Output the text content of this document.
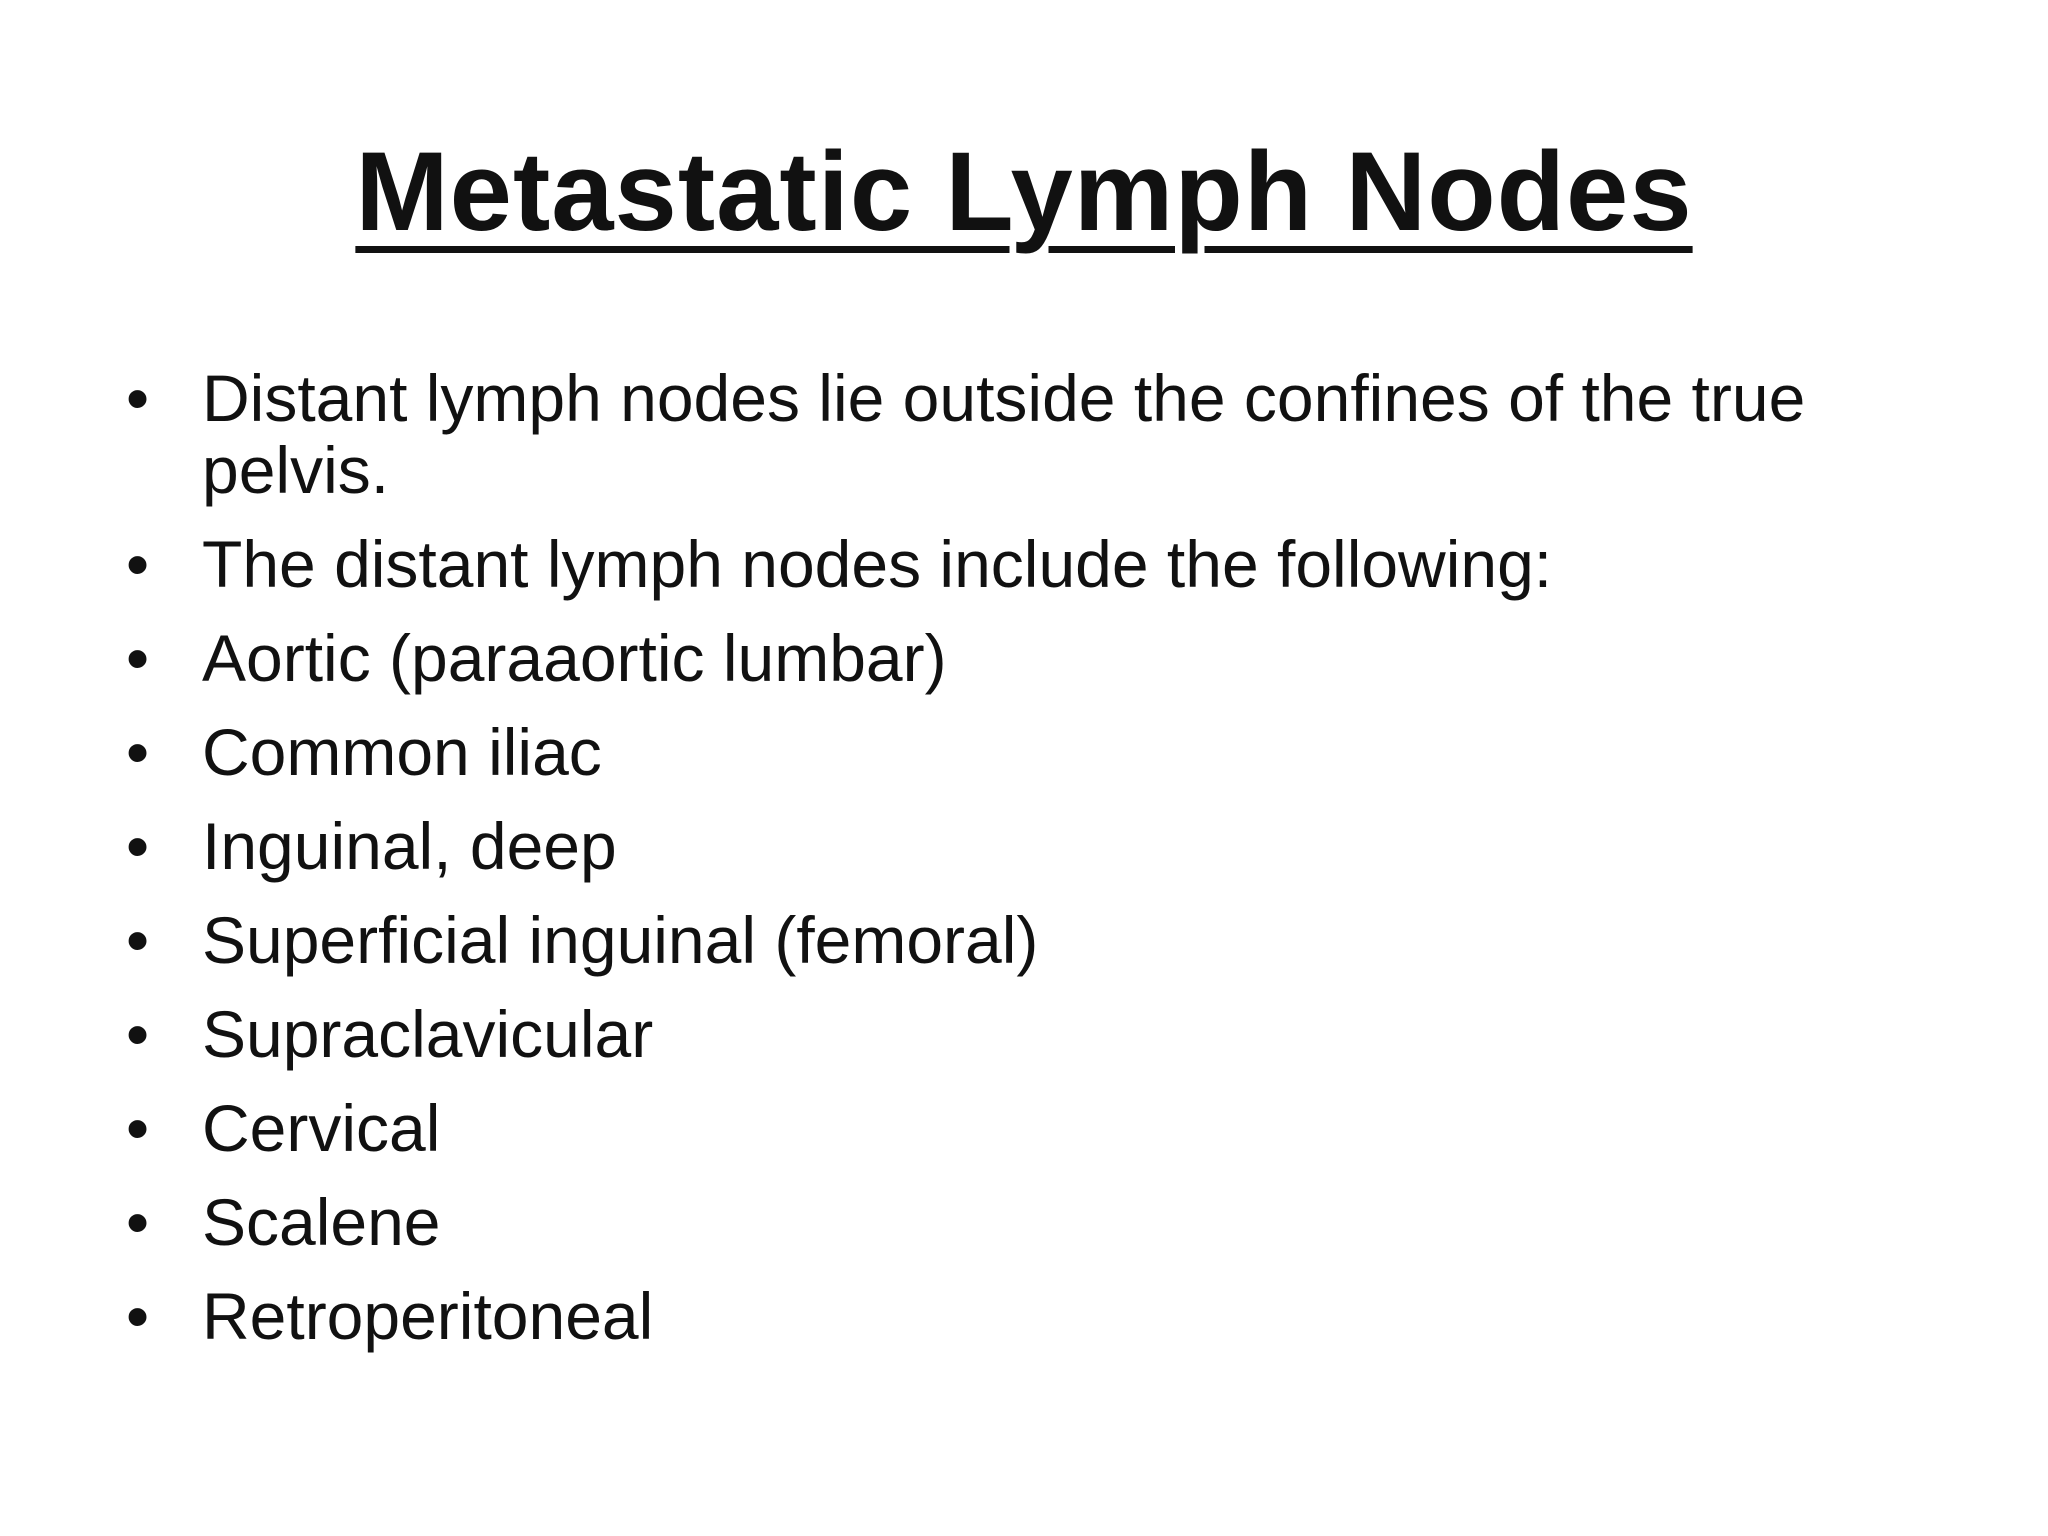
Metastatic Lymph Nodes
•
Distant lymph nodes lie outside the confines of the true pelvis.
•
The distant lymph nodes include the following:
•
Aortic (paraaortic lumbar)
•
Common iliac
•
Inguinal, deep
•
Superficial inguinal (femoral)
•
Supraclavicular
•
Cervical
•
Scalene
•
Retroperitoneal
